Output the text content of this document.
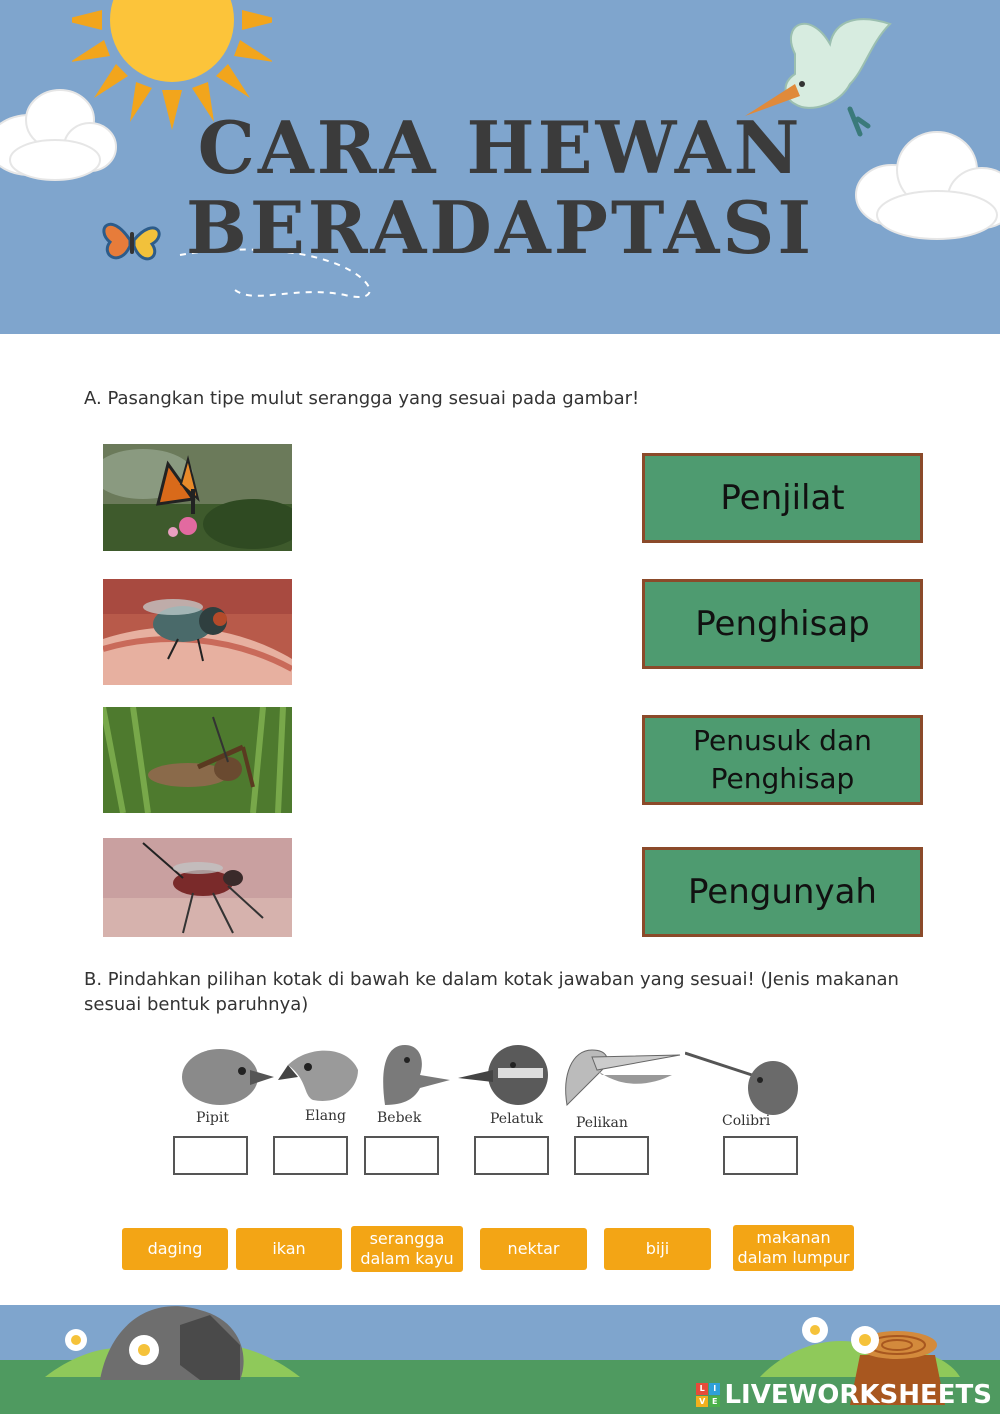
CARA HEWAN
BERADAPTASI
A. Pasangkan tipe mulut serangga yang sesuai pada gambar!
Penjilat
Penghisap
Penusuk dan
Penghisap
Pengunyah
B. Pindahkan pilihan kotak di bawah ke dalam kotak jawaban yang sesuai! (Jenis makanan sesuai bentuk paruhnya)
Pipit	Elang Bebek	Pelatuk Pelikan	Colibri
daging	ikan
serangga
dalam kayu
nektar	biji
makanan
dalam lumpur
L	I
V E LIVEWORKSHEETS
